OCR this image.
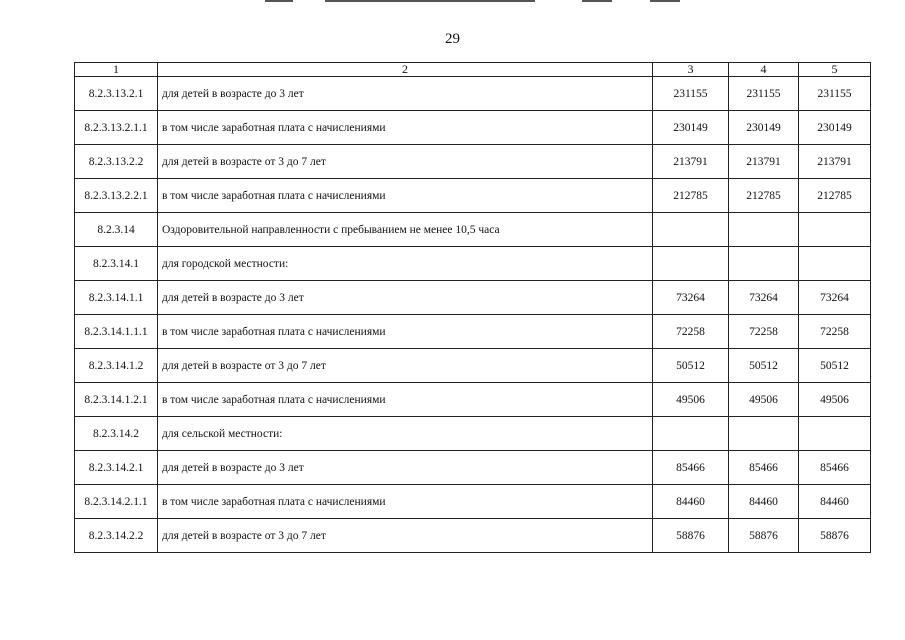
29
1	2	3	4	5
8.2.3.13.2.1	для детей в возрасте до 3 лет	231155	231155	231155
8.2.3.13.2.1.1	в том числе заработная плата с начислениями	230149	230149	230149
8.2.3.13.2.2	для детей в возрасте от 3 до 7 лет	213791	213791	213791
8.2.3.13.2.2.1	в том числе заработная плата с начислениями	212785	212785	212785
8.2.3.14	Оздоровительной направленности с пребыванием не менее 10,5 часа			
8.2.3.14.1	для городской местности:			
8.2.3.14.1.1	для детей в возрасте до 3 лет	73264	73264	73264
8.2.3.14.1.1.1	в том числе заработная плата с начислениями	72258	72258	72258
8.2.3.14.1.2	для детей в возрасте от 3 до 7 лет	50512	50512	50512
8.2.3.14.1.2.1	в том числе заработная плата с начислениями	49506	49506	49506
8.2.3.14.2	для сельской местности:			
8.2.3.14.2.1	для детей в возрасте до 3 лет	85466	85466	85466
8.2.3.14.2.1.1	в том числе заработная плата с начислениями	84460	84460	84460
8.2.3.14.2.2	для детей в возрасте от 3 до 7 лет	58876	58876	58876
